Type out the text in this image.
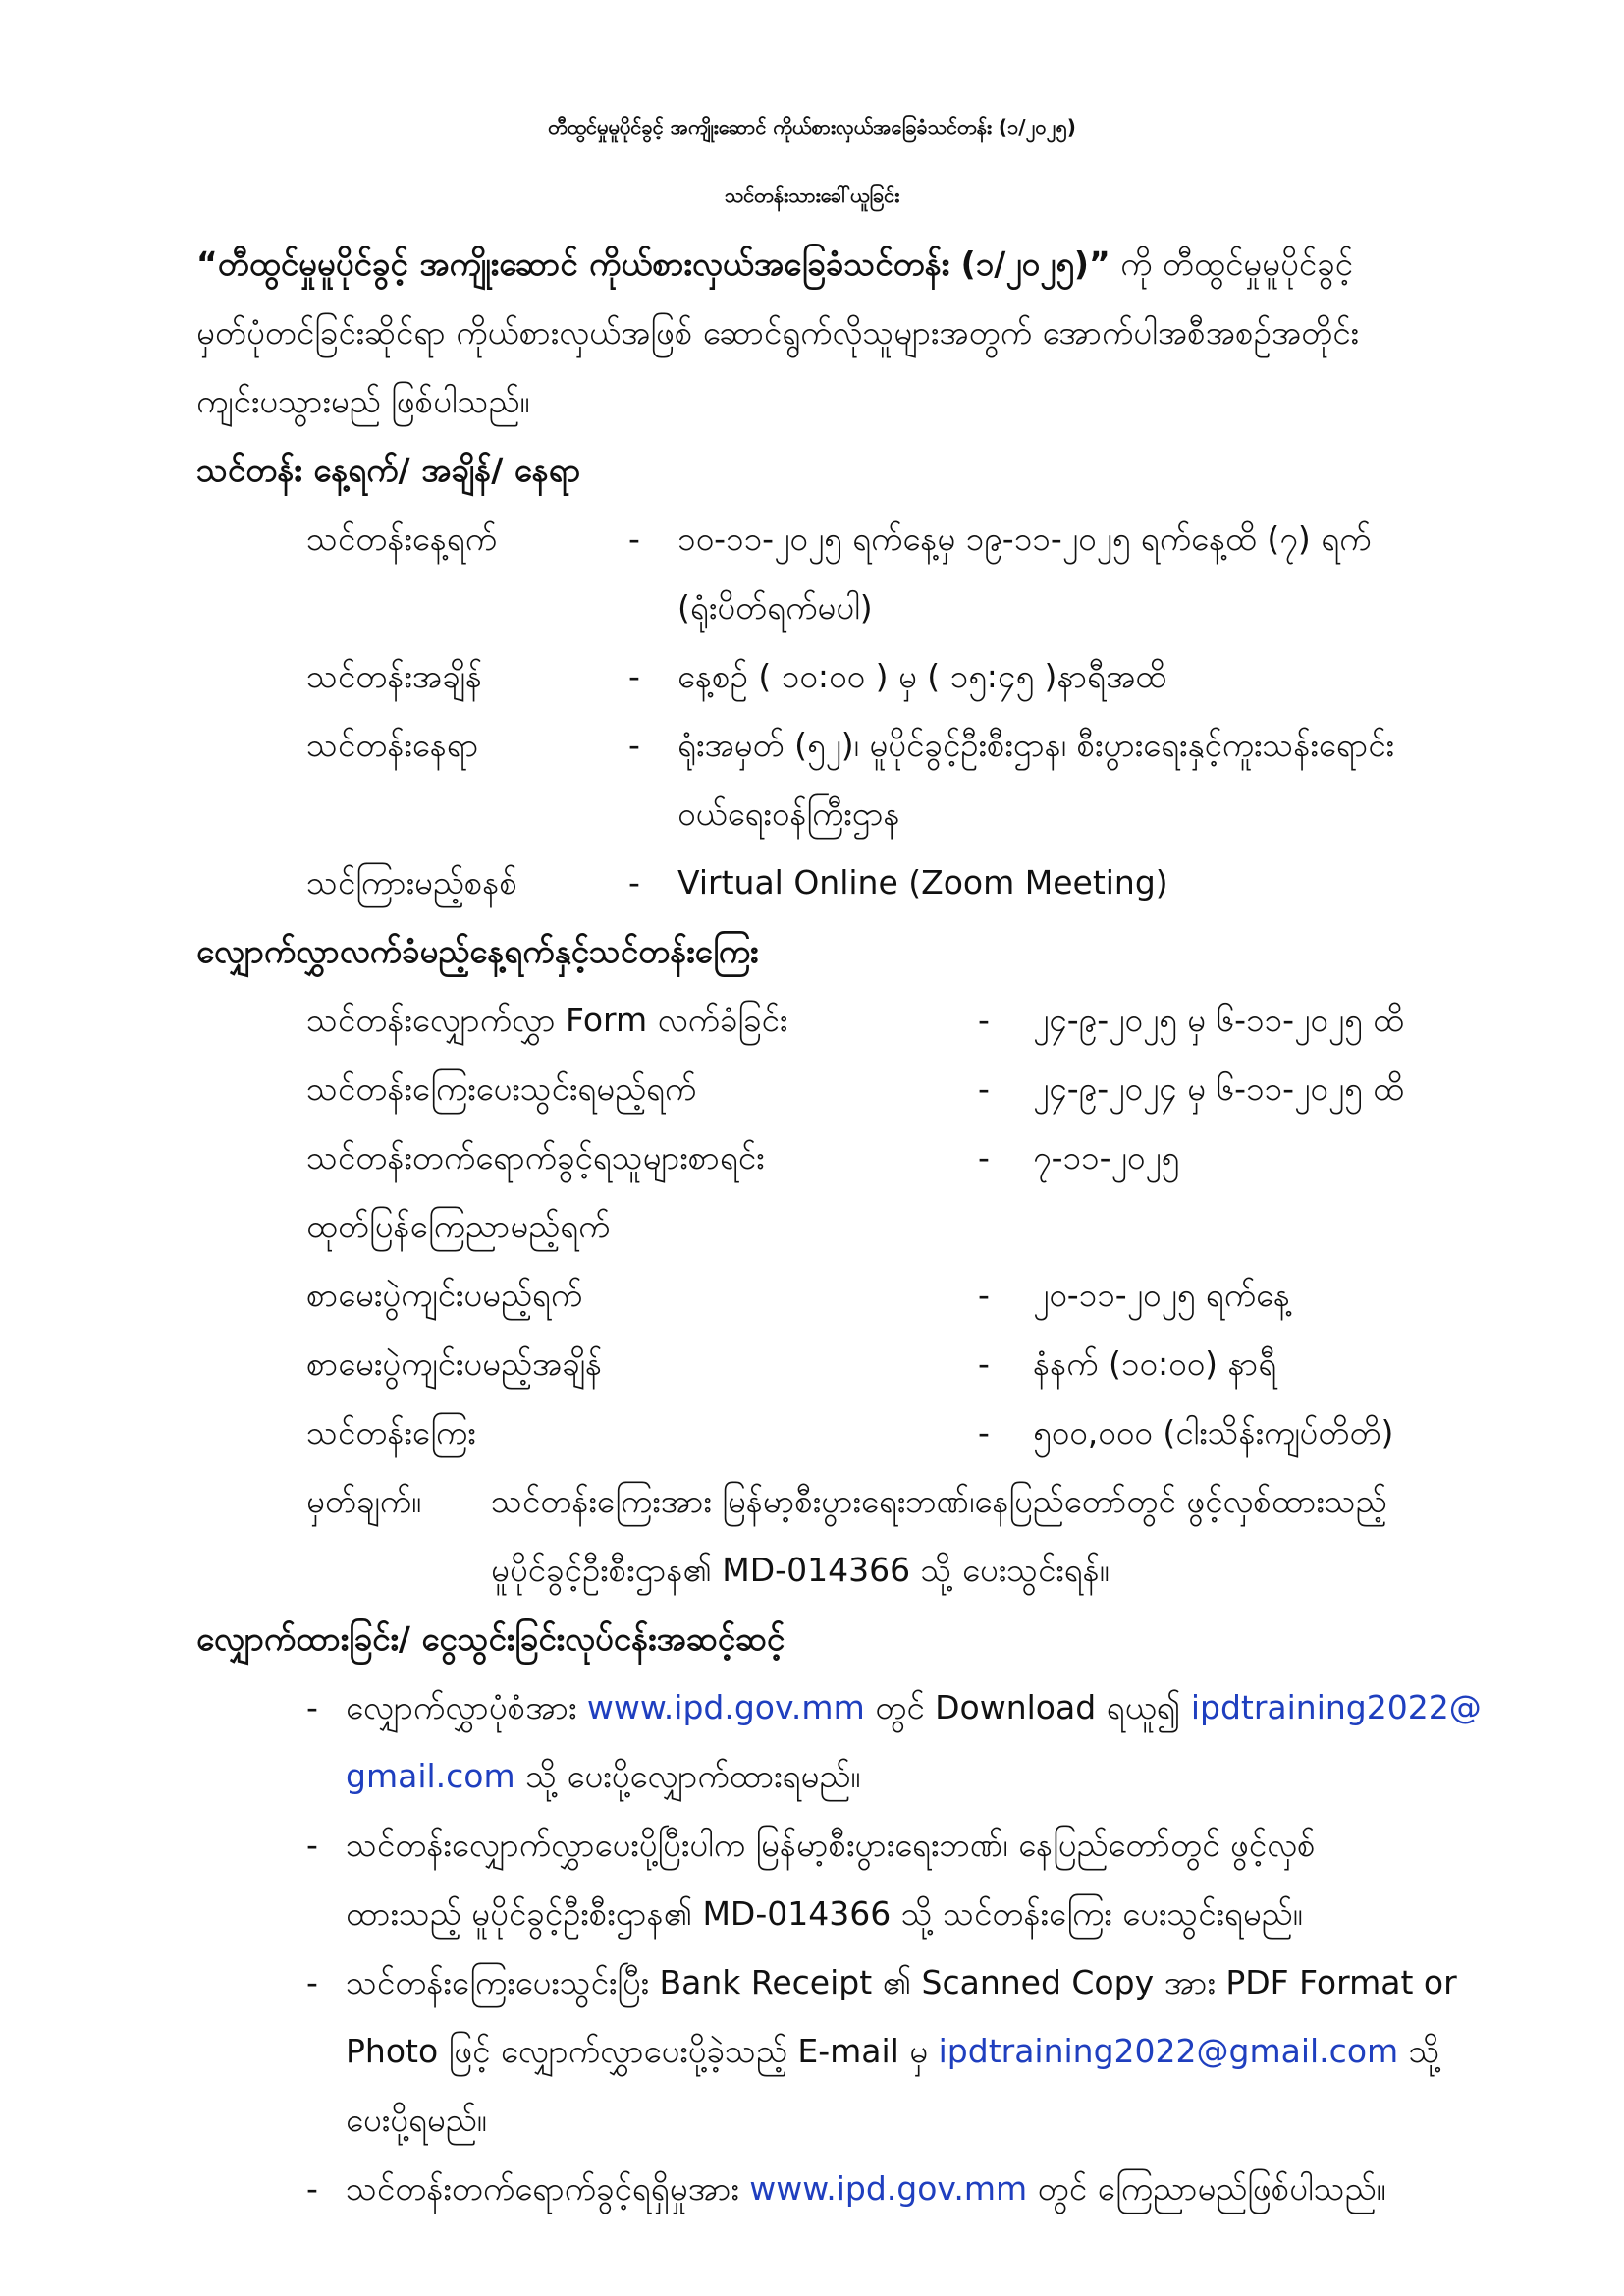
တီထွင်မှုမူပိုင်ခွင့် အကျိုးဆောင် ကိုယ်စားလှယ်အခြေခံသင်တန်း (၁/၂၀၂၅)
သင်တန်းသားခေါ်ယူခြင်း
“တီထွင်မှုမူပိုင်ခွင့် အကျိုးဆောင် ကိုယ်စားလှယ်အခြေခံသင်တန်း (၁/၂၀၂၅)” ကို တီထွင်မှုမူပိုင်ခွင့်
မှတ်ပုံတင်ခြင်းဆိုင်ရာ ကိုယ်စားလှယ်အဖြစ် ဆောင်ရွက်လိုသူများအတွက် အောက်ပါအစီအစဉ်အတိုင်း
ကျင်းပသွားမည် ဖြစ်ပါသည်။
သင်တန်း နေ့ရက်/ အချိန်/ နေရာ
သင်တန်းနေ့ရက်	- ၁၀-၁၁-၂၀၂၅ ရက်နေ့မှ ၁၉-၁၁-၂၀၂၅ ရက်နေ့ထိ (၇) ရက်
(ရုံးပိတ်ရက်မပါ)
သင်တန်းအချိန်	- နေ့စဉ် ( ၁၀:၀၀ ) မှ ( ၁၅:၄၅ )နာရီအထိ
သင်တန်းနေရာ	- ရုံးအမှတ် (၅၂)၊ မူပိုင်ခွင့်ဦးစီးဌာန၊ စီးပွားရေးနှင့်ကူးသန်းရောင်း
ဝယ်ရေးဝန်ကြီးဌာန
သင်ကြားမည့်စနစ်	- Virtual Online (Zoom Meeting)
လျှောက်လွှာလက်ခံမည့်နေ့ရက်နှင့်သင်တန်းကြေး
သင်တန်းလျှောက်လွှာ Form လက်ခံခြင်း	- ၂၄-၉-၂၀၂၅ မှ ၆-၁၁-၂၀၂၅ ထိ
သင်တန်းကြေးပေးသွင်းရမည့်ရက်	- ၂၄-၉-၂၀၂၄ မှ ၆-၁၁-၂၀၂၅ ထိ
သင်တန်းတက်ရောက်ခွင့်ရသူများစာရင်း	- ၇-၁၁-၂၀၂၅
ထုတ်ပြန်ကြေညာမည့်ရက်
စာမေးပွဲကျင်းပမည့်ရက်	- ၂၀-၁၁-၂၀၂၅ ရက်နေ့
စာမေးပွဲကျင်းပမည့်အချိန်	- နံနက် (၁၀:၀၀) နာရီ
သင်တန်းကြေး	- ၅၀၀,၀၀၀ (ငါးသိန်းကျပ်တိတိ)
မှတ်ချက်။ သင်တန်းကြေးအား မြန်မာ့စီးပွားရေးဘဏ်၊နေပြည်တော်တွင် ဖွင့်လှစ်ထားသည့်
မူပိုင်ခွင့်ဦးစီးဌာန၏ MD-014366 သို့ ပေးသွင်းရန်။
လျှောက်ထားခြင်း/ ငွေသွင်းခြင်းလုပ်ငန်းအဆင့်ဆင့်
- လျှောက်လွှာပုံစံအား www.ipd.gov.mm တွင် Download ရယူ၍ ipdtraining2022@
gmail.com သို့ ပေးပို့လျှောက်ထားရမည်။
- သင်တန်းလျှောက်လွှာပေးပို့ပြီးပါက မြန်မာ့စီးပွားရေးဘဏ်၊ နေပြည်တော်တွင် ဖွင့်လှစ်
ထားသည့် မူပိုင်ခွင့်ဦးစီးဌာန၏ MD-014366 သို့ သင်တန်းကြေး ပေးသွင်းရမည်။
- သင်တန်းကြေးပေးသွင်းပြီး Bank Receipt ၏ Scanned Copy အား PDF Format or
Photo ဖြင့် လျှောက်လွှာပေးပို့ခဲ့သည့် E-mail မှ ipdtraining2022@gmail.com သို့
ပေးပို့ရမည်။
- သင်တန်းတက်ရောက်ခွင့်ရရှိမှုအား www.ipd.gov.mm တွင် ကြေညာမည်ဖြစ်ပါသည်။
